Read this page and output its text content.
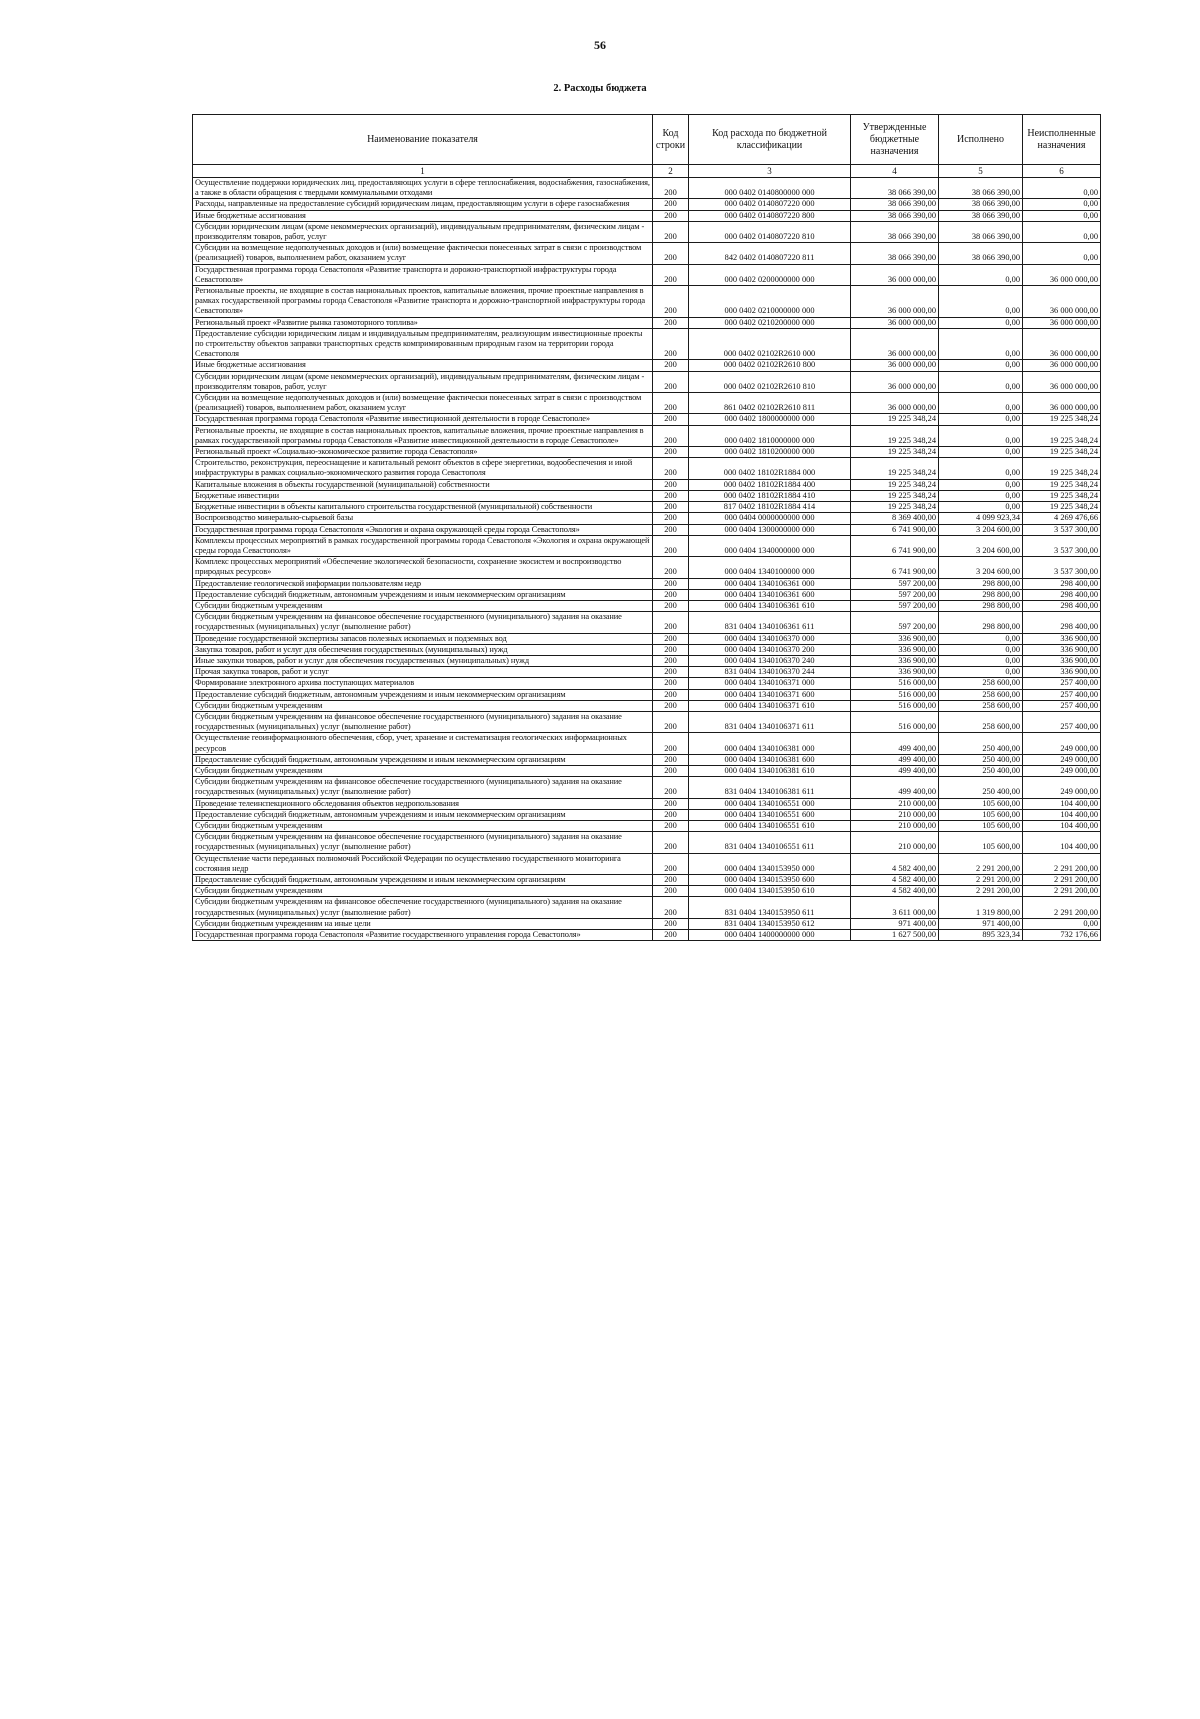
56
2. Расходы бюджета
Наименование показателя	Код строки	Код расхода по бюджетной классификации	Утвержденные бюджетные назначения	Исполнено	Неисполненные назначения
1	2	3	4	5	6
Осуществление поддержки юридических лиц, предоставляющих услуги в сфере теплоснабжения, водоснабжения, газоснабжения, а также в области обращения с твердыми коммунальными отходами	200	000 0402 0140800000 000	38 066 390,00	38 066 390,00	0,00
Расходы, направленные на предоставление субсидий юридическим лицам, предоставляющим услуги в сфере газоснабжения	200	000 0402 0140807220 000	38 066 390,00	38 066 390,00	0,00
Иные бюджетные ассигнования	200	000 0402 0140807220 800	38 066 390,00	38 066 390,00	0,00
Субсидии юридическим лицам (кроме некоммерческих организаций), индивидуальным предпринимателям, физическим лицам - производителям товаров, работ, услуг	200	000 0402 0140807220 810	38 066 390,00	38 066 390,00	0,00
Субсидии на возмещение недополученных доходов и (или) возмещение фактически понесенных затрат в связи с производством (реализацией) товаров, выполнением работ, оказанием услуг	200	842 0402 0140807220 811	38 066 390,00	38 066 390,00	0,00
Государственная программа города Севастополя «Развитие транспорта и дорожно-транспортной инфраструктуры города Севастополя»	200	000 0402 0200000000 000	36 000 000,00	0,00	36 000 000,00
Региональные проекты, не входящие в состав национальных проектов, капитальные вложения, прочие проектные направления в рамках государственной программы города Севастополя «Развитие транспорта и дорожно-транспортной инфраструктуры города Севастополя»	200	000 0402 0210000000 000	36 000 000,00	0,00	36 000 000,00
Региональный проект «Развитие рынка газомоторного топлива»	200	000 0402 0210200000 000	36 000 000,00	0,00	36 000 000,00
Предоставление субсидии юридическим лицам и индивидуальным предпринимателям, реализующим инвестиционные проекты по строительству объектов заправки транспортных средств компримированным природным газом на территории города Севастополя	200	000 0402 02102R2610 000	36 000 000,00	0,00	36 000 000,00
Иные бюджетные ассигнования	200	000 0402 02102R2610 800	36 000 000,00	0,00	36 000 000,00
Субсидии юридическим лицам (кроме некоммерческих организаций), индивидуальным предпринимателям, физическим лицам - производителям товаров, работ, услуг	200	000 0402 02102R2610 810	36 000 000,00	0,00	36 000 000,00
Субсидии на возмещение недополученных доходов и (или) возмещение фактически понесенных затрат в связи с производством (реализацией) товаров, выполнением работ, оказанием услуг	200	861 0402 02102R2610 811	36 000 000,00	0,00	36 000 000,00
Государственная программа города Севастополя «Развитие инвестиционной деятельности в городе Севастополе»	200	000 0402 1800000000 000	19 225 348,24	0,00	19 225 348,24
Региональные проекты, не входящие в состав национальных проектов, капитальные вложения, прочие проектные направления в рамках государственной программы города Севастополя «Развитие инвестиционной деятельности в городе Севастополе»	200	000 0402 1810000000 000	19 225 348,24	0,00	19 225 348,24
Региональный проект «Социально-экономическое развитие города Севастополя»	200	000 0402 1810200000 000	19 225 348,24	0,00	19 225 348,24
Строительство, реконструкция, переоснащение и капитальный ремонт объектов в сфере энергетики, водообеспечения и иной инфраструктуры в рамках социально-экономического развития города Севастополя	200	000 0402 18102R1884 000	19 225 348,24	0,00	19 225 348,24
Капитальные вложения в объекты государственной (муниципальной) собственности	200	000 0402 18102R1884 400	19 225 348,24	0,00	19 225 348,24
Бюджетные инвестиции	200	000 0402 18102R1884 410	19 225 348,24	0,00	19 225 348,24
Бюджетные инвестиции в объекты капитального строительства государственной (муниципальной) собственности	200	817 0402 18102R1884 414	19 225 348,24	0,00	19 225 348,24
Воспроизводство минерально-сырьевой базы	200	000 0404 0000000000 000	8 369 400,00	4 099 923,34	4 269 476,66
Государственная программа города Севастополя «Экология и охрана окружающей среды города Севастополя»	200	000 0404 1300000000 000	6 741 900,00	3 204 600,00	3 537 300,00
Комплексы процессных мероприятий в рамках государственной программы города Севастополя «Экология и охрана окружающей среды города Севастополя»	200	000 0404 1340000000 000	6 741 900,00	3 204 600,00	3 537 300,00
Комплекс процессных мероприятий «Обеспечение экологической безопасности, сохранение экосистем и воспроизводство природных ресурсов»	200	000 0404 1340100000 000	6 741 900,00	3 204 600,00	3 537 300,00
Предоставление геологической информации пользователям недр	200	000 0404 1340106361 000	597 200,00	298 800,00	298 400,00
Предоставление субсидий бюджетным, автономным учреждениям и иным некоммерческим организациям	200	000 0404 1340106361 600	597 200,00	298 800,00	298 400,00
Субсидии бюджетным учреждениям	200	000 0404 1340106361 610	597 200,00	298 800,00	298 400,00
Субсидии бюджетным учреждениям на финансовое обеспечение государственного (муниципального) задания на оказание государственных (муниципальных) услуг (выполнение работ)	200	831 0404 1340106361 611	597 200,00	298 800,00	298 400,00
Проведение государственной экспертизы запасов полезных ископаемых и подземных вод	200	000 0404 1340106370 000	336 900,00	0,00	336 900,00
Закупка товаров, работ и услуг для обеспечения государственных (муниципальных) нужд	200	000 0404 1340106370 200	336 900,00	0,00	336 900,00
Иные закупки товаров, работ и услуг для обеспечения государственных (муниципальных) нужд	200	000 0404 1340106370 240	336 900,00	0,00	336 900,00
Прочая закупка товаров, работ и услуг	200	831 0404 1340106370 244	336 900,00	0,00	336 900,00
Формирование электронного архива поступающих материалов	200	000 0404 1340106371 000	516 000,00	258 600,00	257 400,00
Предоставление субсидий бюджетным, автономным учреждениям и иным некоммерческим организациям	200	000 0404 1340106371 600	516 000,00	258 600,00	257 400,00
Субсидии бюджетным учреждениям	200	000 0404 1340106371 610	516 000,00	258 600,00	257 400,00
Субсидии бюджетным учреждениям на финансовое обеспечение государственного (муниципального) задания на оказание государственных (муниципальных) услуг (выполнение работ)	200	831 0404 1340106371 611	516 000,00	258 600,00	257 400,00
Осуществление геоинформационного обеспечения, сбор, учет, хранение и систематизация геологических информационных ресурсов	200	000 0404 1340106381 000	499 400,00	250 400,00	249 000,00
Предоставление субсидий бюджетным, автономным учреждениям и иным некоммерческим организациям	200	000 0404 1340106381 600	499 400,00	250 400,00	249 000,00
Субсидии бюджетным учреждениям	200	000 0404 1340106381 610	499 400,00	250 400,00	249 000,00
Субсидии бюджетным учреждениям на финансовое обеспечение государственного (муниципального) задания на оказание государственных (муниципальных) услуг (выполнение работ)	200	831 0404 1340106381 611	499 400,00	250 400,00	249 000,00
Проведение телеинспекционного обследования объектов недропользования	200	000 0404 1340106551 000	210 000,00	105 600,00	104 400,00
Предоставление субсидий бюджетным, автономным учреждениям и иным некоммерческим организациям	200	000 0404 1340106551 600	210 000,00	105 600,00	104 400,00
Субсидии бюджетным учреждениям	200	000 0404 1340106551 610	210 000,00	105 600,00	104 400,00
Субсидии бюджетным учреждениям на финансовое обеспечение государственного (муниципального) задания на оказание государственных (муниципальных) услуг (выполнение работ)	200	831 0404 1340106551 611	210 000,00	105 600,00	104 400,00
Осуществление части переданных полномочий Российской Федерации по осуществлению государственного мониторинга состояния недр	200	000 0404 1340153950 000	4 582 400,00	2 291 200,00	2 291 200,00
Предоставление субсидий бюджетным, автономным учреждениям и иным некоммерческим организациям	200	000 0404 1340153950 600	4 582 400,00	2 291 200,00	2 291 200,00
Субсидии бюджетным учреждениям	200	000 0404 1340153950 610	4 582 400,00	2 291 200,00	2 291 200,00
Субсидии бюджетным учреждениям на финансовое обеспечение государственного (муниципального) задания на оказание государственных (муниципальных) услуг (выполнение работ)	200	831 0404 1340153950 611	3 611 000,00	1 319 800,00	2 291 200,00
Субсидии бюджетным учреждениям на иные цели	200	831 0404 1340153950 612	971 400,00	971 400,00	0,00
Государственная программа города Севастополя «Развитие государственного управления города Севастополя»	200	000 0404 1400000000 000	1 627 500,00	895 323,34	732 176,66
